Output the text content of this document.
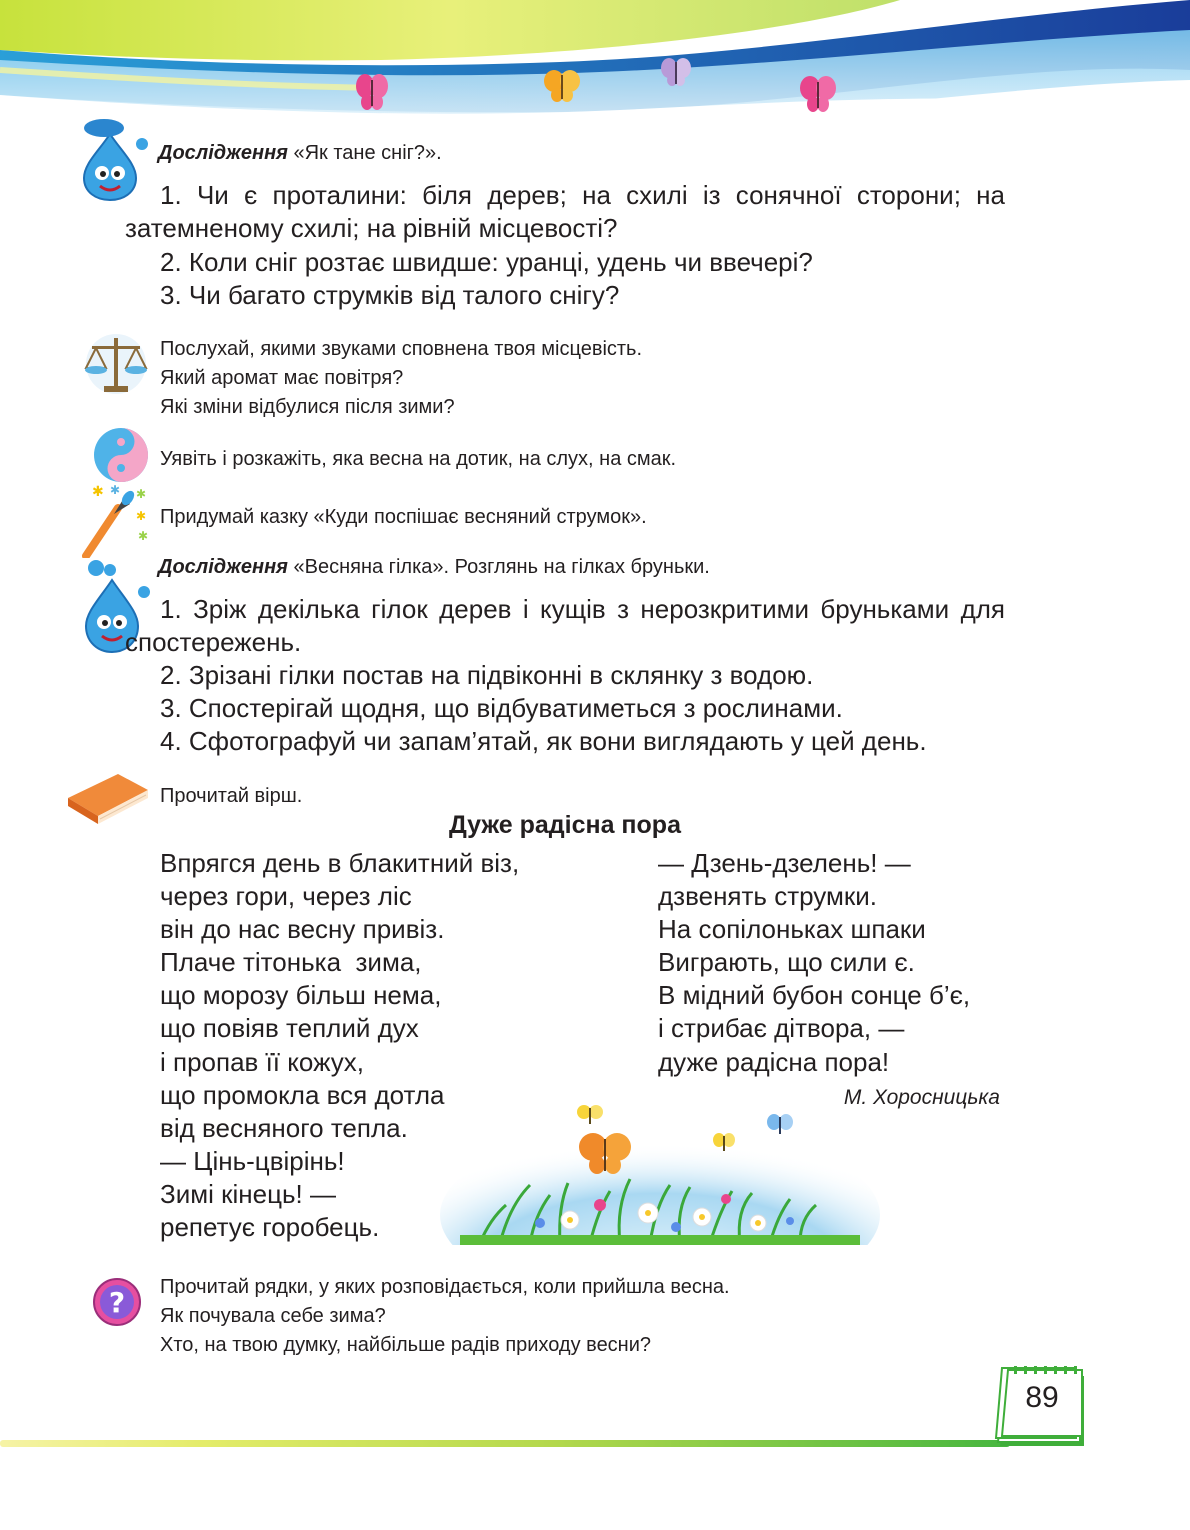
Дослідження «Як тане сніг?».
1. Чи є проталини: біля дерев; на схилі із сонячної сторони; на затемненому схилі; на рівній місцевості?
2. Коли сніг розтає швидше: уранці, удень чи ввечері?
3. Чи багато струмків від талого снігу?
Послухай, якими звуками сповнена твоя місцевість.
Який аромат має повітря?
Які зміни відбулися після зими?
Уявіть і розкажіть, яка весна на дотик, на слух, на смак.
✱ ✱ ✱
✱
✱
Придумай казку «Куди поспішає весняний струмок».
Дослідження «Весняна гілка». Розглянь на гілках бруньки.
1. Зріж декілька гілок дерев і кущів з нерозкритими бруньками для спостережень.
2. Зрізані гілки постав на підвіконні в склянку з водою.
3. Спостерігай щодня, що відбуватиметься з рослинами.
4. Сфотографуй чи запам’ятай, як вони виглядають у цей день.
Прочитай вірш.
Дуже радісна пора
Впрягся день в блакитний віз,
через гори, через ліс
він до нас весну привіз.
Плаче тітонька  зима,
що морозу більш нема,
що повіяв теплий дух
і пропав її кожух,
що промокла вся дотла
від весняного тепла.
— Цінь-цвірінь!
Зимі кінець! —
репетує горобець.
— Дзень-дзелень! —
дзвенять струмки.
На сопілоньках шпаки
Виграють, що сили є.
В мідний бубон сонце б’є,
і стрибає дітвора, —
дуже радісна пора!
М. Хоросницька
? Прочитай рядки, у яких розповідається, коли прийшла весна.
Як почувала себе зима?
Хто, на твою думку, найбільше радів приходу весни?
89
